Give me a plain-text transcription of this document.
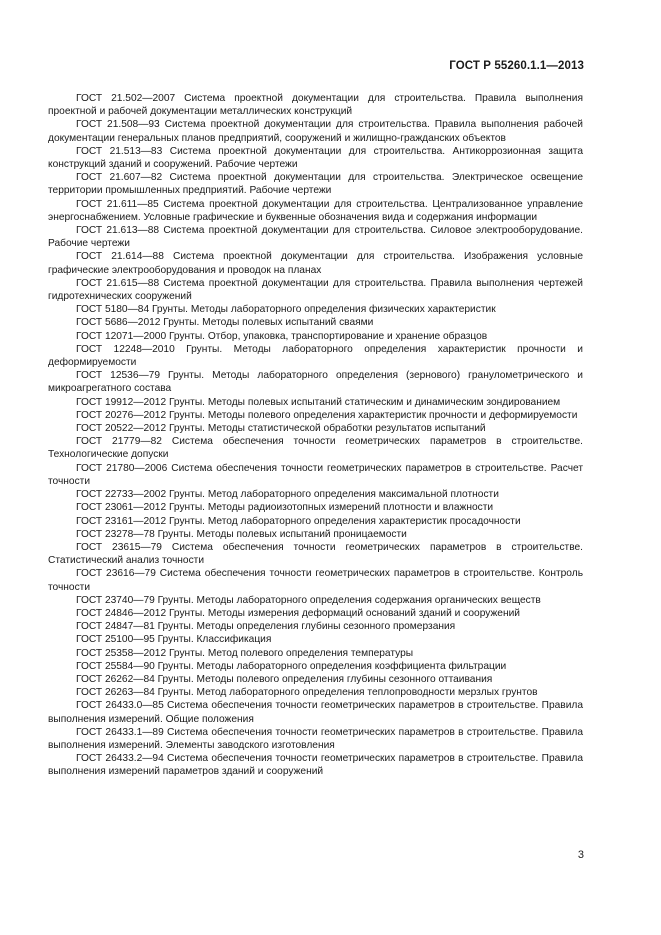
ГОСТ Р 55260.1.1—2013

ГОСТ 21.502—2007 Система проектной документации для строительства. Правила выполнения проектной и рабочей документации металлических конструкций

ГОСТ 21.508—93 Система проектной документации для строительства. Правила выполнения рабочей документации генеральных планов предприятий, сооружений и жилищно-гражданских объектов

ГОСТ 21.513—83 Система проектной документации для строительства. Антикоррозионная защита конструкций зданий и сооружений. Рабочие чертежи

ГОСТ 21.607—82 Система проектной документации для строительства. Электрическое освещение территории промышленных предприятий. Рабочие чертежи

ГОСТ 21.611—85 Система проектной документации для строительства. Централизованное управление энергоснабжением. Условные графические и буквенные обозначения вида и содержания информации

ГОСТ 21.613—88 Система проектной документации для строительства. Силовое электрооборудование. Рабочие чертежи

ГОСТ 21.614—88 Система проектной документации для строительства. Изображения условные графические электрооборудования и проводок на планах

ГОСТ 21.615—88 Система проектной документации для строительства. Правила выполнения чертежей гидротехнических сооружений

ГОСТ 5180—84 Грунты. Методы лабораторного определения физических характеристик

ГОСТ 5686—2012 Грунты. Методы полевых испытаний сваями

ГОСТ 12071—2000 Грунты. Отбор, упаковка, транспортирование и хранение образцов

ГОСТ 12248—2010 Грунты. Методы лабораторного определения характеристик прочности и деформируемости

ГОСТ 12536—79 Грунты. Методы лабораторного определения (зернового) гранулометрического и микроагрегатного состава

ГОСТ 19912—2012 Грунты. Методы полевых испытаний статическим и динамическим зондированием

ГОСТ 20276—2012 Грунты. Методы полевого определения характеристик прочности и деформируемости

ГОСТ 20522—2012 Грунты. Методы статистической обработки результатов испытаний

ГОСТ 21779—82 Система обеспечения точности геометрических параметров в строительстве. Технологические допуски

ГОСТ 21780—2006 Система обеспечения точности геометрических параметров в строительстве. Расчет точности

ГОСТ 22733—2002 Грунты. Метод лабораторного определения максимальной плотности

ГОСТ 23061—2012 Грунты. Методы радиоизотопных измерений плотности и влажности

ГОСТ 23161—2012 Грунты. Метод лабораторного определения характеристик просадочности

ГОСТ 23278—78 Грунты. Методы полевых испытаний проницаемости

ГОСТ 23615—79 Система обеспечения точности геометрических параметров в строительстве. Статистический анализ точности

ГОСТ 23616—79 Система обеспечения точности геометрических параметров в строительстве. Контроль точности

ГОСТ 23740—79 Грунты. Методы лабораторного определения содержания органических веществ

ГОСТ 24846—2012 Грунты. Методы измерения деформаций оснований зданий и сооружений

ГОСТ 24847—81 Грунты. Методы определения глубины сезонного промерзания

ГОСТ 25100—95 Грунты. Классификация

ГОСТ 25358—2012 Грунты. Метод полевого определения температуры

ГОСТ 25584—90 Грунты. Методы лабораторного определения коэффициента фильтрации

ГОСТ 26262—84 Грунты. Методы полевого определения глубины сезонного оттаивания

ГОСТ 26263—84 Грунты. Метод лабораторного определения теплопроводности мерзлых грунтов

ГОСТ 26433.0—85 Система обеспечения точности геометрических параметров в строительстве. Правила выполнения измерений. Общие положения

ГОСТ 26433.1—89 Система обеспечения точности геометрических параметров в строительстве. Правила выполнения измерений. Элементы заводского изготовления

ГОСТ 26433.2—94 Система обеспечения точности геометрических параметров в строительстве. Правила выполнения измерений параметров зданий и сооружений

3
